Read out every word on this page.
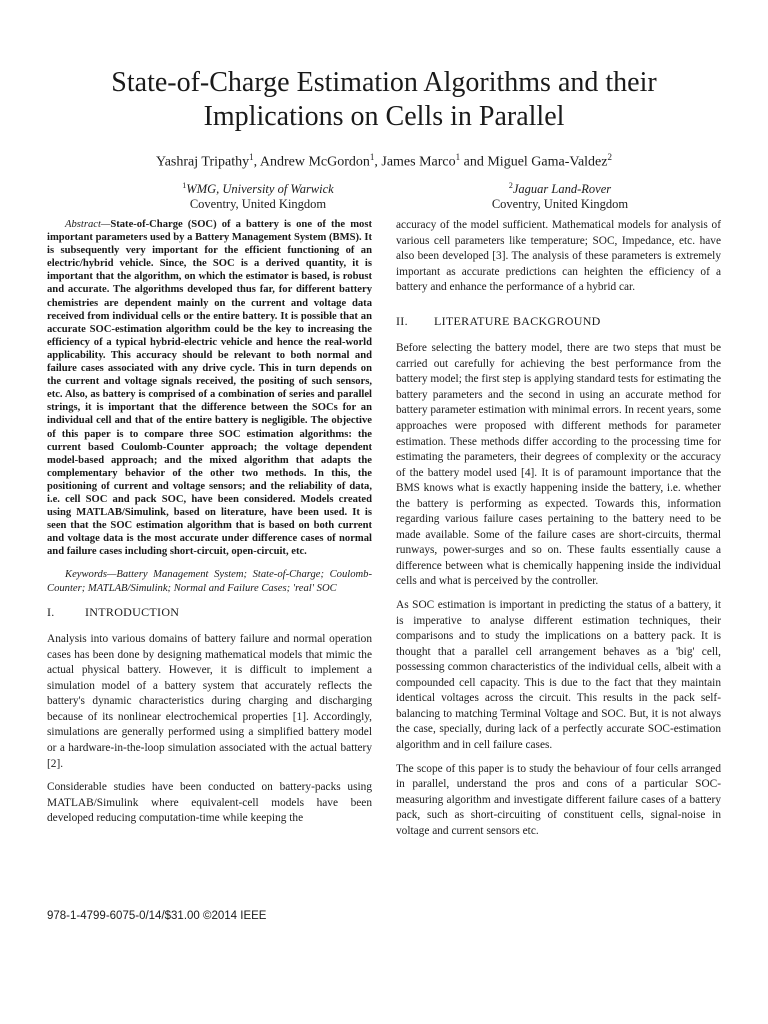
State-of-Charge Estimation Algorithms and their Implications on Cells in Parallel
Yashraj Tripathy$^1$, Andrew McGordon$^1$, James Marco$^1$ and Miguel Gama-Valdez$^2$
$^1$WMG, University of Warwick
Coventry, United Kingdom
$^2$Jaguar Land-Rover
Coventry, United Kingdom

Abstract—State-of-Charge (SOC) of a battery is one of the most important parameters used by a Battery Management System (BMS). It is subsequently very important for the efficient functioning of an electric/hybrid vehicle. Since, the SOC is a derived quantity, it is important that the algorithm, on which the estimator is based, is robust and accurate. The algorithms developed thus far, for different battery chemistries are dependent mainly on the current and voltage data received from individual cells or the entire battery. It is possible that an accurate SOC-estimation algorithm could be the key to increasing the efficiency of a typical hybrid-electric vehicle and hence the real-world applicability. This accuracy should be relevant to both normal and failure cases associated with any drive cycle. This in turn depends on the current and voltage signals received, the positing of such sensors, etc. Also, as battery is comprised of a combination of series and parallel strings, it is important that the difference between the SOCs for an individual cell and that of the entire battery is negligible. The objective of this paper is to compare three SOC estimation algorithms: the current based Coulomb-Counter approach; the voltage dependent model-based approach; and the mixed algorithm that adapts the complementary behavior of the other two methods. In this, the positioning of current and voltage sensors; and the reliability of data, i.e. cell SOC and pack SOC, have been considered. Models created using MATLAB/Simulink, based on literature, have been used. It is seen that the SOC estimation algorithm that is based on both current and voltage data is the most accurate under difference cases of normal and failure cases including short-circuit, open-circuit, etc.

Keywords—Battery Management System; State-of-Charge; Coulomb-Counter; MATLAB/Simulink; Normal and Failure Cases; 'real' SOC

I.	INTRODUCTION

Analysis into various domains of battery failure and normal operation cases has been done by designing mathematical models that mimic the actual physical battery. However, it is difficult to implement a simulation model of a battery system that accurately reflects the battery's dynamic characteristics during charging and discharging because of its nonlinear electrochemical properties [1]. Accordingly, simulations are generally performed using a simplified battery model or a hardware-in-the-loop simulation associated with the actual battery [2].

Considerable studies have been conducted on battery-packs using MATLAB/Simulink where equivalent-cell models have been developed reducing computation-time while keeping the

accuracy of the model sufficient. Mathematical models for analysis of various cell parameters like temperature; SOC, Impedance, etc. have also been developed [3]. The analysis of these parameters is extremely important as accurate predictions can heighten the efficiency of a battery and enhance the performance of a hybrid car.

II. LITERATURE BACKGROUND

Before selecting the battery model, there are two steps that must be carried out carefully for achieving the best performance from the battery model; the first step is applying standard tests for estimating the battery parameters and the second in using an accurate method for battery parameter estimation with minimal errors. In recent years, some approaches were proposed with different methods for parameter estimation. These methods differ according to the processing time for estimating the parameters, their degrees of complexity or the accuracy of the battery model used [4]. It is of paramount importance that the BMS knows what is exactly happening inside the battery, i.e. whether the battery is performing as expected. Towards this, information regarding various failure cases pertaining to the battery need to be made available. Some of the failure cases are short-circuits, thermal runways, power-surges and so on. These faults essentially cause a difference between what is chemically happening inside the individual cells and what is perceived by the controller.

As SOC estimation is important in predicting the status of a battery, it is imperative to analyse different estimation techniques, their comparisons and to study the implications on a battery pack. It is thought that a parallel cell arrangement behaves as a 'big' cell, possessing common characteristics of the individual cells, albeit with a compounded cell capacity. This is due to the fact that they maintain identical voltages across the circuit. This results in the pack self-balancing to matching Terminal Voltage and SOC. But, it is not always the case, specially, during lack of a perfectly accurate SOC-estimation algorithm and in cell failure cases.

The scope of this paper is to study the behaviour of four cells arranged in parallel, understand the pros and cons of a particular SOC-measuring algorithm and investigate different failure cases of a battery pack, such as short-circuiting of constituent cells, signal-noise in voltage and current sensors etc.

978-1-4799-6075-0/14/$31.00 ©2014 IEEE
